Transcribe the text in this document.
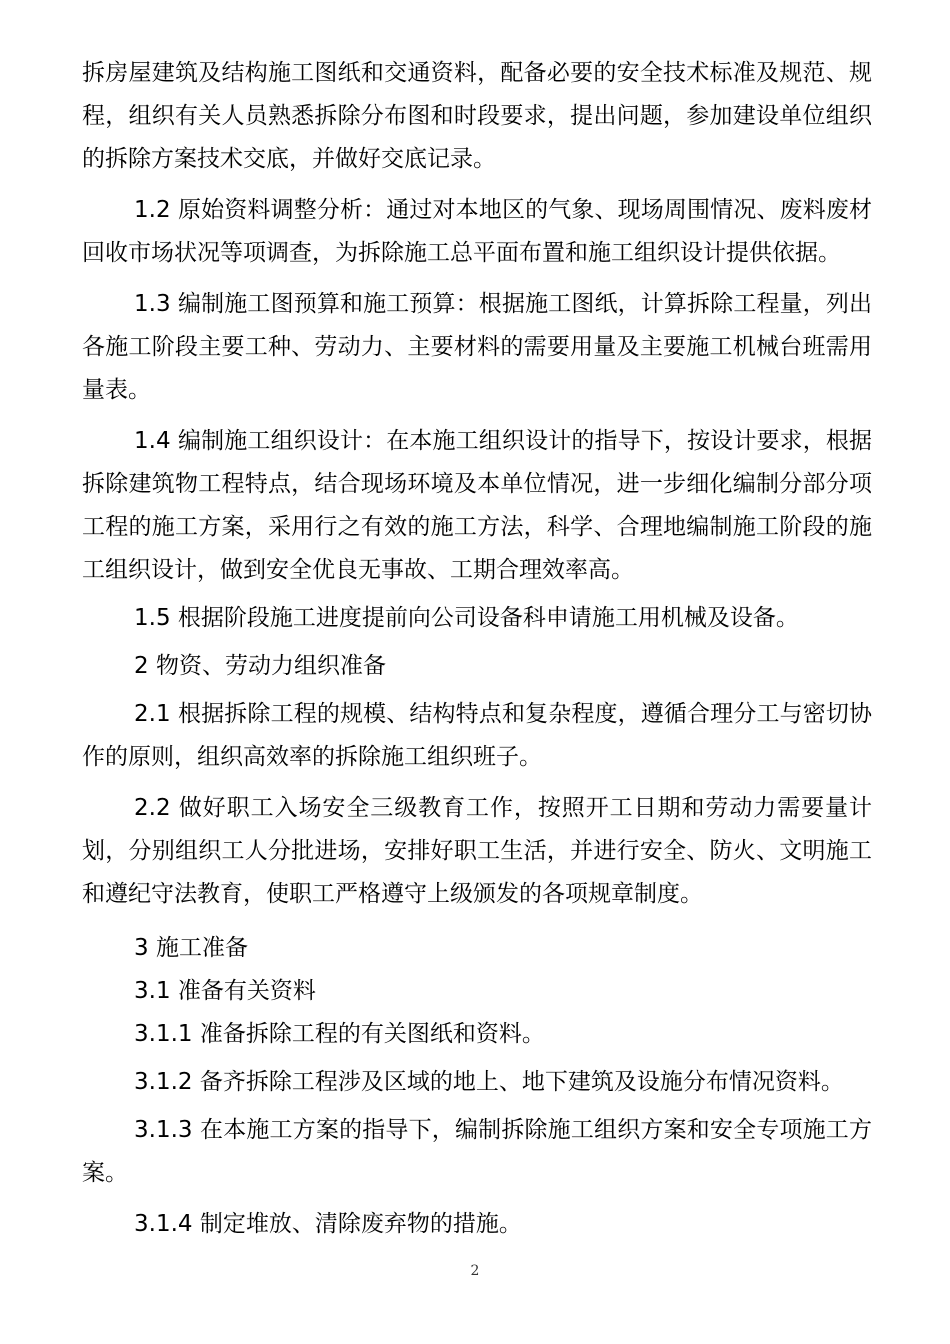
拆房屋建筑及结构施工图纸和交通资料，配备必要的安全技术标准及规范、规程，组织有关人员熟悉拆除分布图和时段要求，提出问题，参加建设单位组织的拆除方案技术交底，并做好交底记录。

1.2 原始资料调整分析：通过对本地区的气象、现场周围情况、废料废材回收市场状况等项调查，为拆除施工总平面布置和施工组织设计提供依据。

1.3 编制施工图预算和施工预算：根据施工图纸，计算拆除工程量，列出各施工阶段主要工种、劳动力、主要材料的需要用量及主要施工机械台班需用量表。

1.4 编制施工组织设计：在本施工组织设计的指导下，按设计要求，根据拆除建筑物工程特点，结合现场环境及本单位情况，进一步细化编制分部分项工程的施工方案，采用行之有效的施工方法，科学、合理地编制施工阶段的施工组织设计，做到安全优良无事故、工期合理效率高。

1.5 根据阶段施工进度提前向公司设备科申请施工用机械及设备。

2 物资、劳动力组织准备

2.1 根据拆除工程的规模、结构特点和复杂程度，遵循合理分工与密切协作的原则，组织高效率的拆除施工组织班子。

2.2 做好职工入场安全三级教育工作，按照开工日期和劳动力需要量计划，分别组织工人分批进场，安排好职工生活，并进行安全、防火、文明施工和遵纪守法教育，使职工严格遵守上级颁发的各项规章制度。

3 施工准备

3.1 准备有关资料

3.1.1 准备拆除工程的有关图纸和资料。

3.1.2 备齐拆除工程涉及区域的地上、地下建筑及设施分布情况资料。

3.1.3 在本施工方案的指导下，编制拆除施工组织方案和安全专项施工方案。

3.1.4 制定堆放、清除废弃物的措施。

2
